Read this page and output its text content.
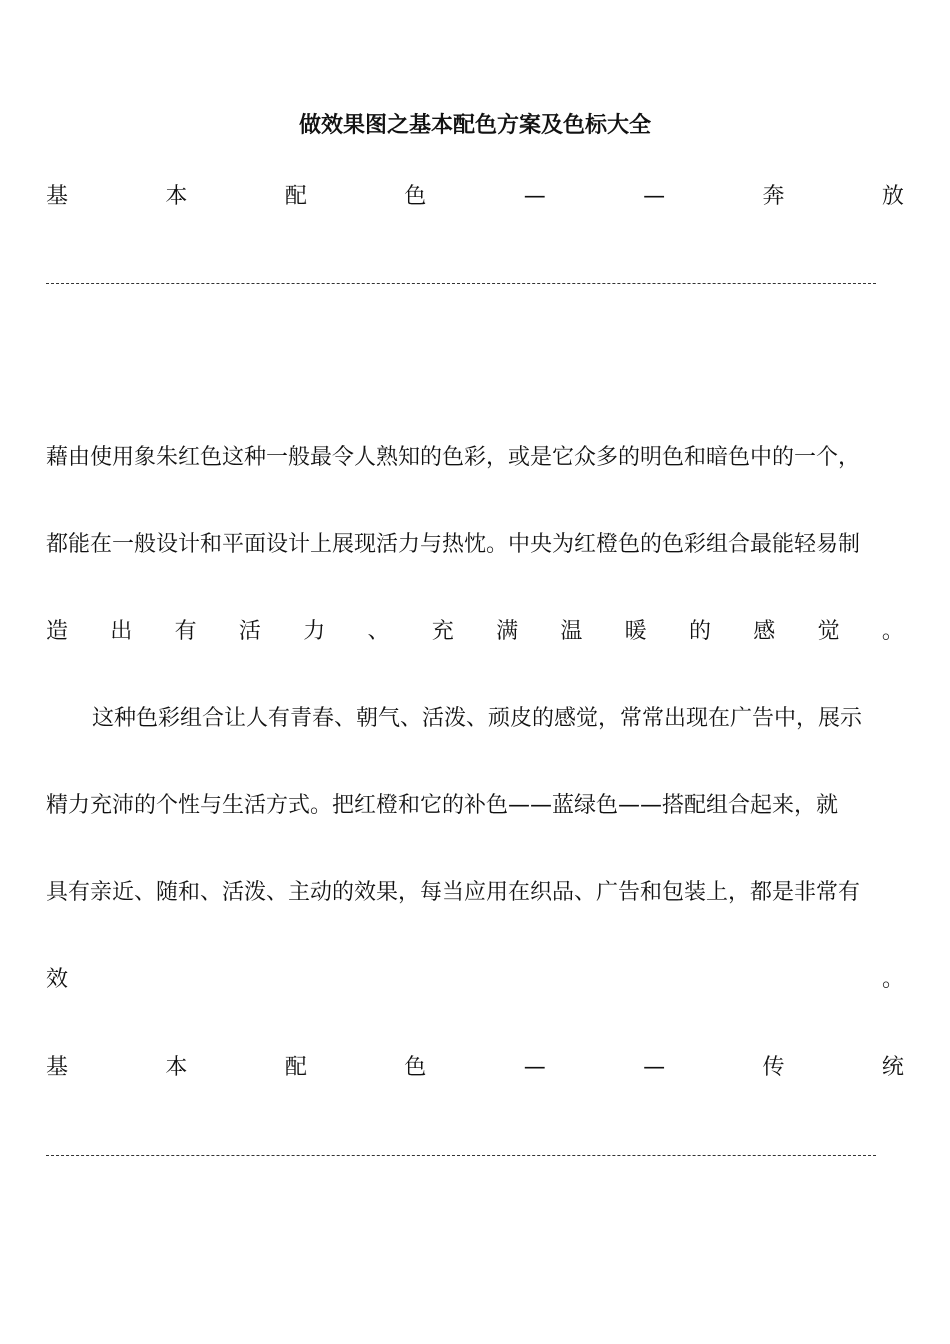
做效果图之基本配色方案及色标大全
基	本	配	色	—	—	奔	放
藉由使用象朱红色这种一般最令人熟知的色彩，或是它众多的明色和暗色中的一个，
都能在一般设计和平面设计上展现活力与热忱。中央为红橙色的色彩组合最能轻易制
造 出 有 活 力 、 充 满 温 暖 的 感 觉 。
这种色彩组合让人有青春、朝气、活泼、顽皮的感觉，常常出现在广告中，展示
精力充沛的个性与生活方式。把红橙和它的补色——蓝绿色——搭配组合起来，就
具有亲近、随和、活泼、主动的效果，每当应用在织品、广告和包装上，都是非常有
效	。
基	本	配	色	—	—	传	统
